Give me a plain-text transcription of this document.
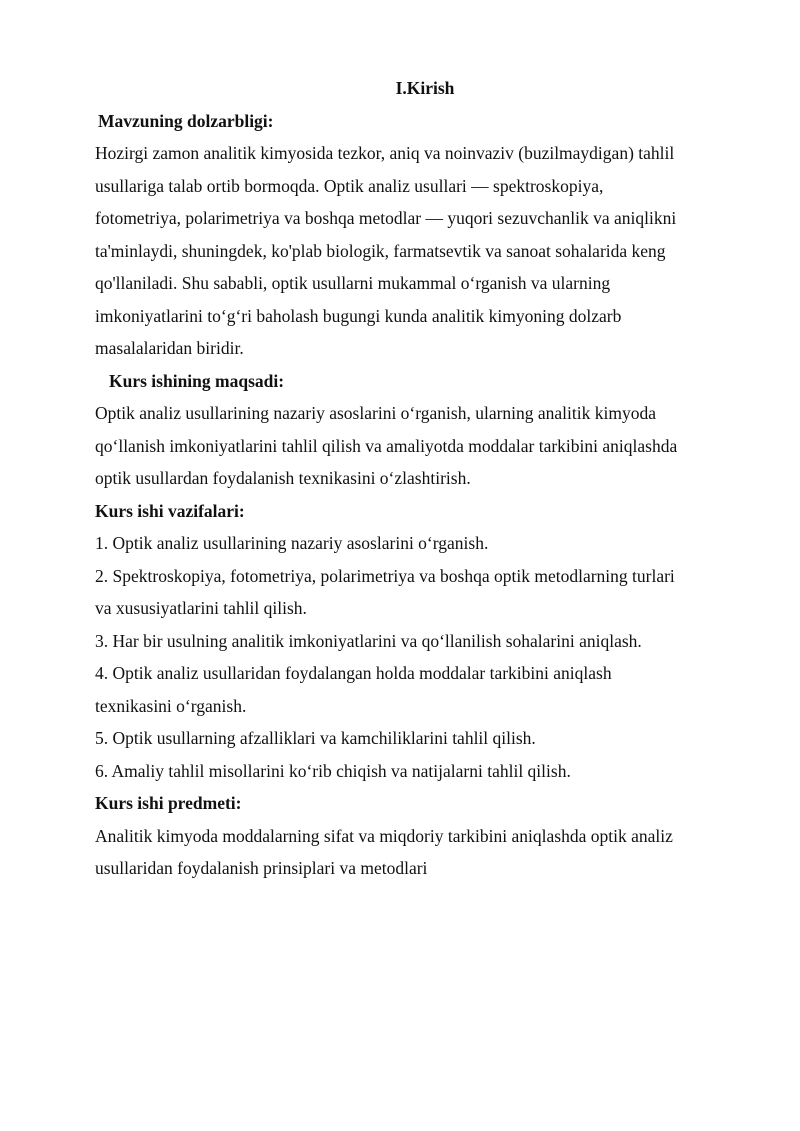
I.Kirish

Mavzuning dolzarbligi:

Hozirgi zamon analitik kimyosida tezkor, aniq va noinvaziv (buzilmaydigan) tahlil
usullariga talab ortib bormoqda. Optik analiz usullari — spektroskopiya,
fotometriya, polarimetriya va boshqa metodlar — yuqori sezuvchanlik va aniqlikni
ta'minlaydi, shuningdek, ko'plab biologik, farmatsevtik va sanoat sohalarida keng
qo'llaniladi. Shu sababli, optik usullarni mukammal o‘rganish va ularning
imkoniyatlarini to‘g‘ri baholash bugungi kunda analitik kimyoning dolzarb
masalalaridan biridir.

Kurs ishining maqsadi:

Optik analiz usullarining nazariy asoslarini o‘rganish, ularning analitik kimyoda
qo‘llanish imkoniyatlarini tahlil qilish va amaliyotda moddalar tarkibini aniqlashda
optik usullardan foydalanish texnikasini o‘zlashtirish.

Kurs ishi vazifalari:

1. Optik analiz usullarining nazariy asoslarini o‘rganish.
2. Spektroskopiya, fotometriya, polarimetriya va boshqa optik metodlarning turlari
va xususiyatlarini tahlil qilish.
3. Har bir usulning analitik imkoniyatlarini va qo‘llanilish sohalarini aniqlash.
4. Optik analiz usullaridan foydalangan holda moddalar tarkibini aniqlash
texnikasini o‘rganish.
5. Optik usullarning afzalliklari va kamchiliklarini tahlil qilish.
6. Amaliy tahlil misollarini ko‘rib chiqish va natijalarni tahlil qilish.

Kurs ishi predmeti:

Analitik kimyoda moddalarning sifat va miqdoriy tarkibini aniqlashda optik analiz
usullaridan foydalanish prinsiplari va metodlari
